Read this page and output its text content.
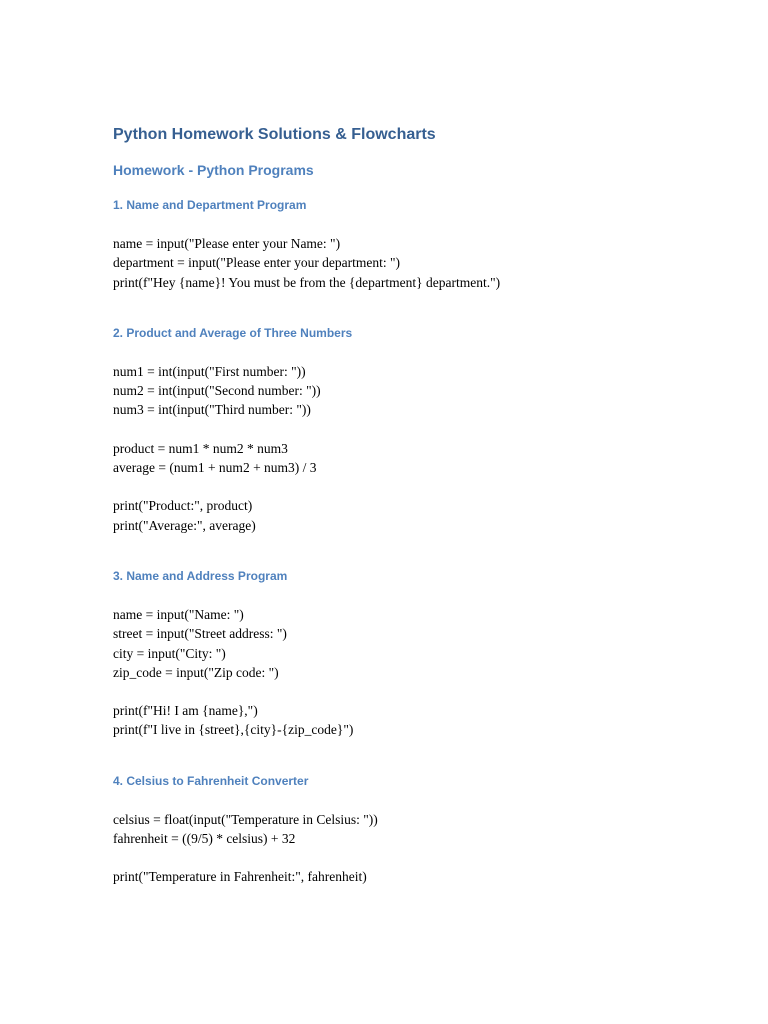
Python Homework Solutions & Flowcharts
Homework - Python Programs
1. Name and Department Program
name = input("Please enter your Name: ")
department = input("Please enter your department: ")
print(f"Hey {name}! You must be from the {department} department.")
2. Product and Average of Three Numbers
num1 = int(input("First number: "))
num2 = int(input("Second number: "))
num3 = int(input("Third number: "))
product = num1 * num2 * num3
average = (num1 + num2 + num3) / 3
print("Product:", product)
print("Average:", average)
3. Name and Address Program
name = input("Name: ")
street = input("Street address: ")
city = input("City: ")
zip_code = input("Zip code: ")
print(f"Hi! I am {name},")
print(f"I live in {street},{city}-{zip_code}")
4. Celsius to Fahrenheit Converter
celsius = float(input("Temperature in Celsius: "))
fahrenheit = ((9/5) * celsius) + 32
print("Temperature in Fahrenheit:", fahrenheit)
